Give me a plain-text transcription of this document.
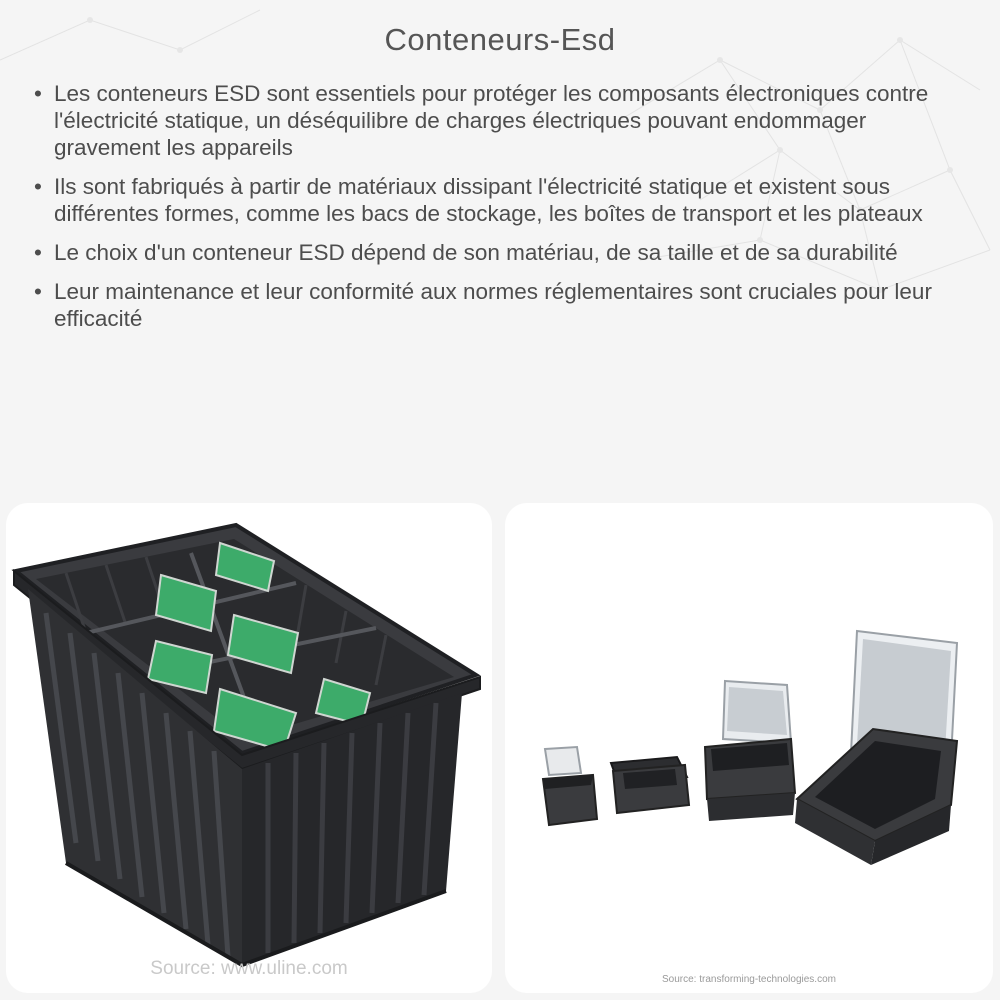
Conteneurs-Esd
• Les conteneurs ESD sont essentiels pour protéger les composants électroniques contre l'électricité statique, un déséquilibre de charges électriques pouvant endommager gravement les appareils
• Ils sont fabriqués à partir de matériaux dissipant l'électricité statique et existent sous différentes formes, comme les bacs de stockage, les boîtes de transport et les plateaux
• Le choix d'un conteneur ESD dépend de son matériau, de sa taille et de sa durabilité
• Leur maintenance et leur conformité aux normes réglementaires sont cruciales pour leur efficacité
Source: www.uline.com
Source: transforming-technologies.com
